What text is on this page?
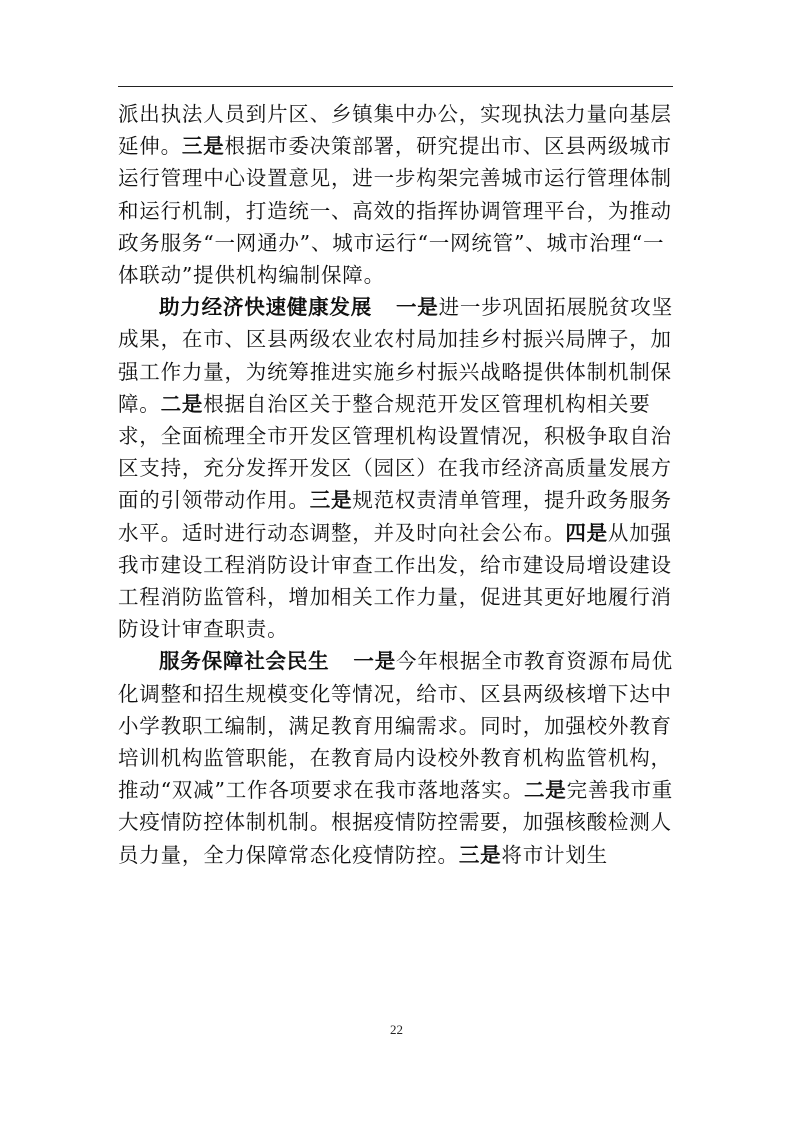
派出执法人员到片区、乡镇集中办公，实现执法力量向基层延伸。三是根据市委决策部署，研究提出市、区县两级城市运行管理中心设置意见，进一步构架完善城市运行管理体制和运行机制，打造统一、高效的指挥协调管理平台，为推动政务服务“一网通办”、城市运行“一网统管”、城市治理“一体联动”提供机构编制保障。

助力经济快速健康发展 一是进一步巩固拓展脱贫攻坚成果，在市、区县两级农业农村局加挂乡村振兴局牌子，加强工作力量，为统筹推进实施乡村振兴战略提供体制机制保障。二是根据自治区关于整合规范开发区管理机构相关要求，全面梳理全市开发区管理机构设置情况，积极争取自治区支持，充分发挥开发区（园区）在我市经济高质量发展方面的引领带动作用。三是规范权责清单管理，提升政务服务水平。适时进行动态调整，并及时向社会公布。四是从加强我市建设工程消防设计审查工作出发，给市建设局增设建设工程消防监管科，增加相关工作力量，促进其更好地履行消防设计审查职责。

服务保障社会民生 一是今年根据全市教育资源布局优化调整和招生规模变化等情况，给市、区县两级核增下达中小学教职工编制，满足教育用编需求。同时，加强校外教育培训机构监管职能，在教育局内设校外教育机构监管机构，推动“双减”工作各项要求在我市落地落实。二是完善我市重大疫情防控体制机制。根据疫情防控需要，加强核酸检测人员力量，全力保障常态化疫情防控。三是将市计划生

22
